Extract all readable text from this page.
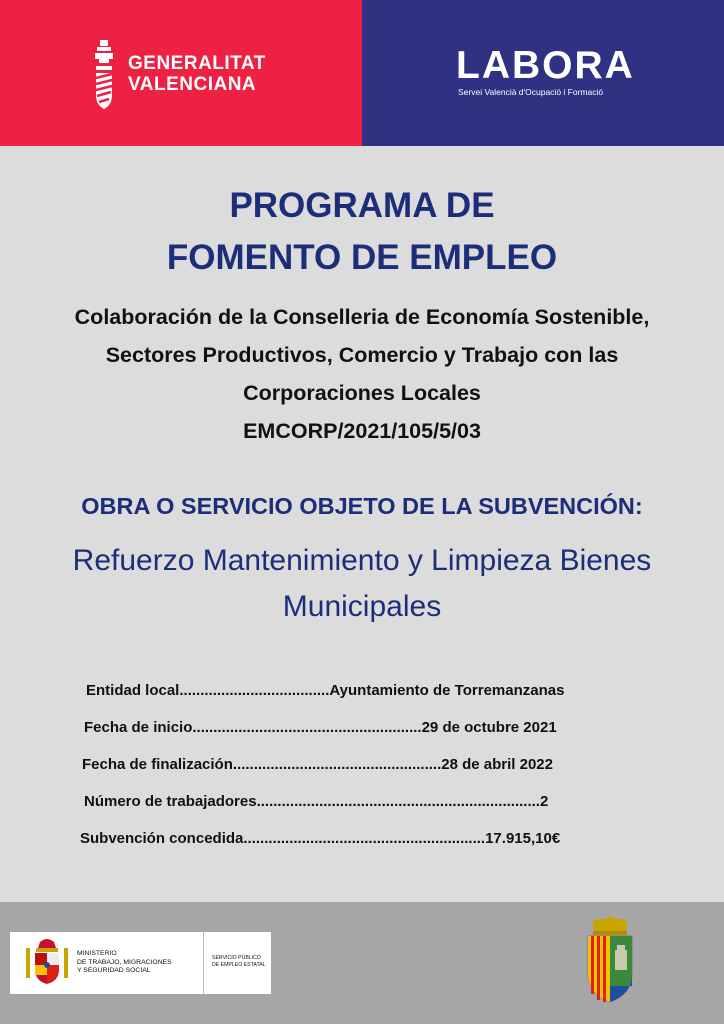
GENERALITAT
VALENCIANA	LABORA
Servei Valencià d'Ocupació i Formació
PROGRAMA DE
FOMENTO DE EMPLEO
Colaboración de la Conselleria de Economía Sostenible,
Sectores Productivos, Comercio y Trabajo con las
Corporaciones Locales
EMCORP/2021/105/5/03
OBRA O SERVICIO OBJETO DE LA SUBVENCIÓN:
Refuerzo Mantenimiento y Limpieza Bienes
Municipales
Entidad local....................................Ayuntamiento de Torremanzanas
Fecha de inicio.......................................................29 de octubre 2021
Fecha de finalización..................................................28 de abril 2022
Número de trabajadores....................................................................2
Subvención concedida..........................................................17.915,10€
MINISTERIO
DE TRABAJO, MIGRACIONES
Y SEGURIDAD SOCIAL
SERVICIO PÚBLICO
DE EMPLEO ESTATAL
